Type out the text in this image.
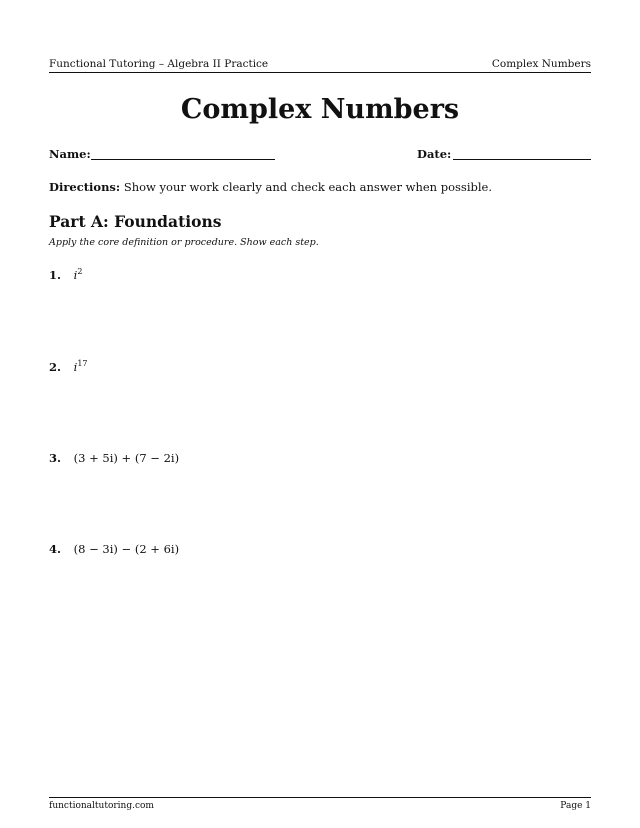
Functional Tutoring – Algebra II Practice	Complex Numbers
Complex Numbers
Name:	Date:
Directions: Show your work clearly and check each answer when possible.
Part A: Foundations
Apply the core definition or procedure. Show each step.
1. $i^2$
2. $i^{17}$
3. (3 + 5i) + (7 − 2i)
4. (8 − 3i) − (2 + 6i)
functionaltutoring.com	Page 1
